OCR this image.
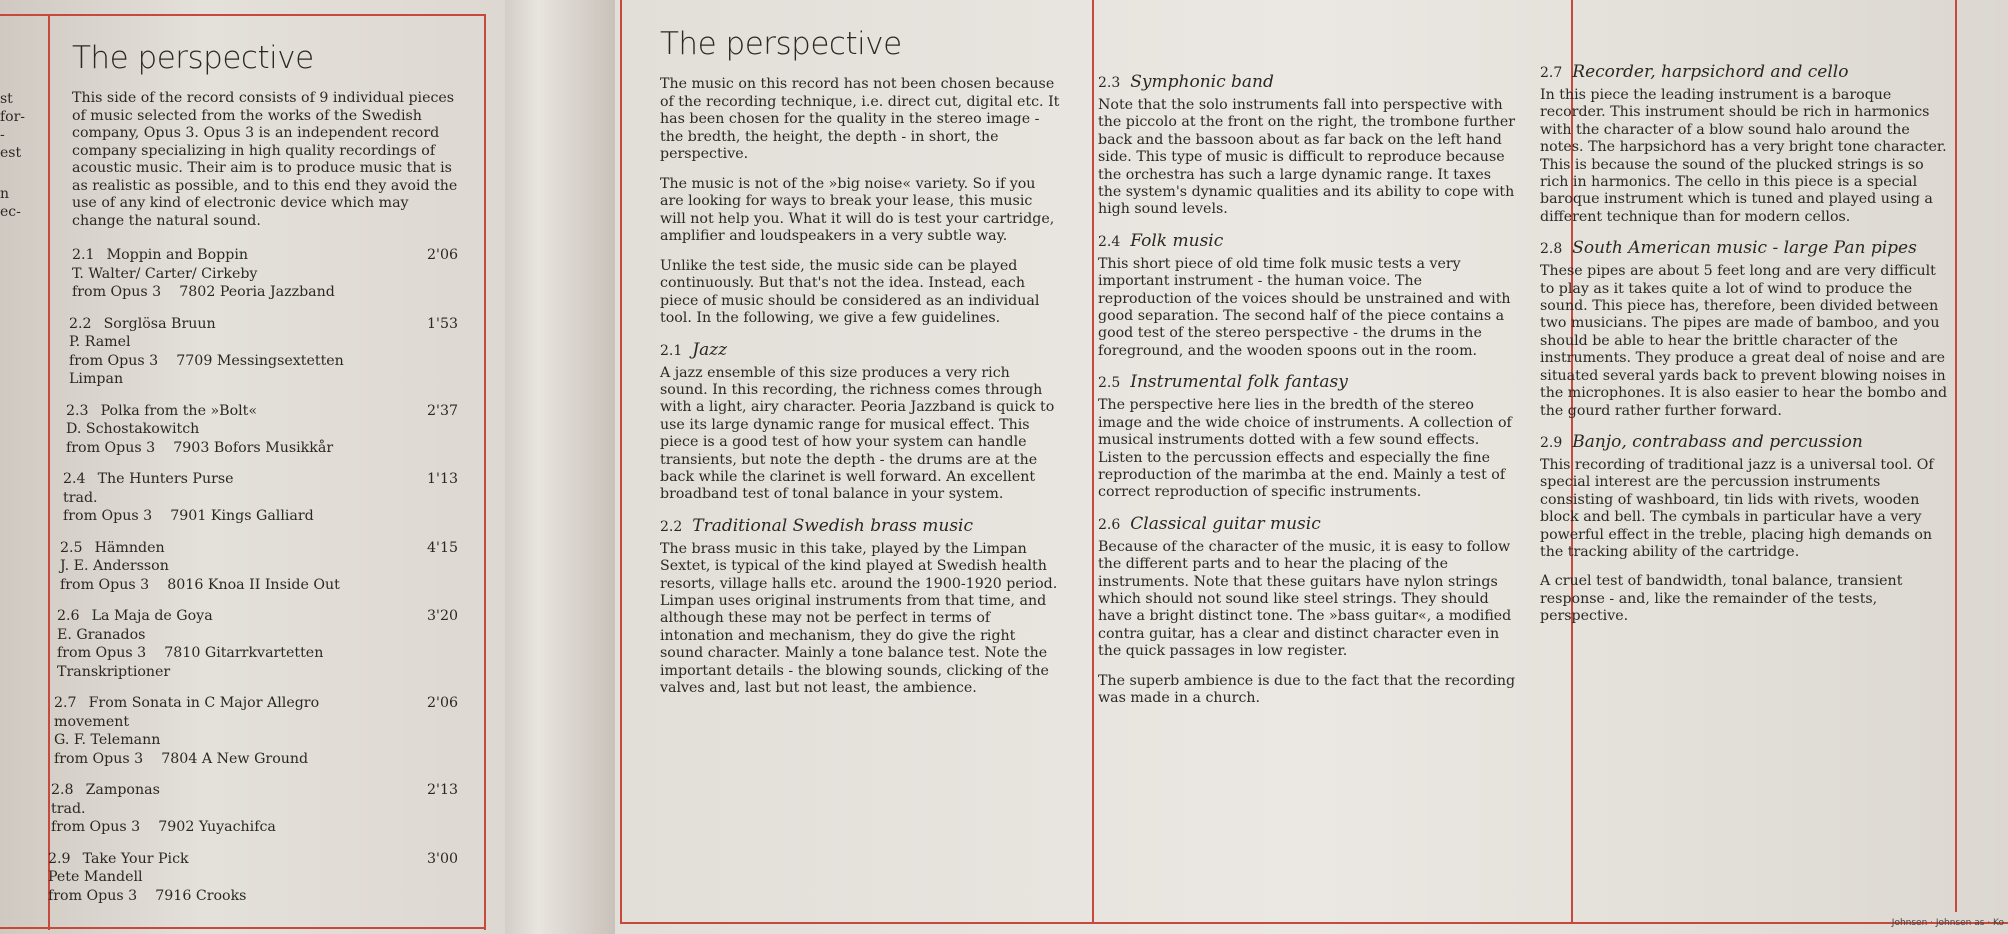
st
for-
-
est
n
ec-
The perspective

This side of the record consists of 9 individual pieces of music selected from the works of the Swedish company, Opus 3. Opus 3 is an independent record company specializing in high quality recordings of acoustic music. Their aim is to produce music that is as realistic as possible, and to this end they avoid the use of any kind of electronic device which may change the natural sound.

2.1 Moppin and Boppin	2'06
T. Walter/ Carter/ Cirkeby
from Opus 3    7802 Peoria Jazzband
2.2 Sorglösa Bruun	1'53
P. Ramel
from Opus 3    7709 Messingsextetten
Limpan
2.3 Polka from the »Bolt«	2'37
D. Schostakowitch
from Opus 3    7903 Bofors Musikkår
2.4 The Hunters Purse	1'13
trad.
from Opus 3    7901 Kings Galliard
2.5 Hämnden	4'15
J. E. Andersson
from Opus 3    8016 Knoa II Inside Out
2.6 La Maja de Goya	3'20
E. Granados
from Opus 3    7810 Gitarrkvartetten
Transkriptioner
2.7 From Sonata in C Major Allegro	2'06
movement
G. F. Telemann
from Opus 3    7804 A New Ground
2.8 Zamponas	2'13
trad.
from Opus 3    7902 Yuyachifca
2.9 Take Your Pick	3'00
Pete Mandell
from Opus 3    7916 Crooks
The perspective

The music on this record has not been chosen because of the recording technique, i.e. direct cut, digital etc. It has been chosen for the quality in the stereo image - the bredth, the height, the depth - in short, the perspective.

The music is not of the »big noise« variety. So if you are looking for ways to break your lease, this music will not help you. What it will do is test your cartridge, amplifier and loudspeakers in a very subtle way.

Unlike the test side, the music side can be played continuously. But that's not the idea. Instead, each piece of music should be considered as an individual tool. In the following, we give a few guidelines.

2.1 Jazz

A jazz ensemble of this size produces a very rich sound. In this recording, the richness comes through with a light, airy character. Peoria Jazzband is quick to use its large dynamic range for musical effect. This piece is a good test of how your system can handle transients, but note the depth - the drums are at the back while the clarinet is well forward. An excellent broadband test of tonal balance in your system.

2.2 Traditional Swedish brass music

The brass music in this take, played by the Limpan Sextet, is typical of the kind played at Swedish health resorts, village halls etc. around the 1900-1920 period. Limpan uses original instruments from that time, and although these may not be perfect in terms of intonation and mechanism, they do give the right sound character. Mainly a tone balance test. Note the important details - the blowing sounds, clicking of the valves and, last but not least, the ambience.

2.3 Symphonic band

Note that the solo instruments fall into perspective with the piccolo at the front on the right, the trombone further back and the bassoon about as far back on the left hand side. This type of music is difficult to reproduce because the orchestra has such a large dynamic range. It taxes the system's dynamic qualities and its ability to cope with high sound levels.

2.4 Folk music

This short piece of old time folk music tests a very important instrument - the human voice. The reproduction of the voices should be unstrained and with good separation. The second half of the piece contains a good test of the stereo perspective - the drums in the foreground, and the wooden spoons out in the room.

2.5 Instrumental folk fantasy

The perspective here lies in the bredth of the stereo image and the wide choice of instruments. A collection of musical instruments dotted with a few sound effects. Listen to the percussion effects and especially the fine reproduction of the marimba at the end. Mainly a test of correct reproduction of specific instruments.

2.6 Classical guitar music

Because of the character of the music, it is easy to follow the different parts and to hear the placing of the instruments. Note that these guitars have nylon strings which should not sound like steel strings. They should have a bright distinct tone. The »bass guitar«, a modified contra guitar, has a clear and distinct character even in the quick passages in low register.

The superb ambience is due to the fact that the recording was made in a church.

2.7 Recorder, harpsichord and cello

In this piece the leading instrument is a baroque recorder. This instrument should be rich in harmonics with the character of a blow sound halo around the notes. The harpsichord has a very bright tone character. This is because the sound of the plucked strings is so rich in harmonics. The cello in this piece is a special baroque instrument which is tuned and played using a different technique than for modern cellos.

2.8 South American music - large Pan pipes

These pipes are about 5 feet long and are very difficult to play as it takes quite a lot of wind to produce the sound. This piece has, therefore, been divided between two musicians. The pipes are made of bamboo, and you should be able to hear the brittle character of the instruments. They produce a great deal of noise and are situated several yards back to prevent blowing noises in the microphones. It is also easier to hear the bombo and the gourd rather further forward.

2.9 Banjo, contrabass and percussion

This recording of traditional jazz is a universal tool. Of special interest are the percussion instruments consisting of washboard, tin lids with rivets, wooden block and bell. The cymbals in particular have a very powerful effect in the treble, placing high demands on the tracking ability of the cartridge.

A cruel test of bandwidth, tonal balance, transient response - and, like the remainder of the tests, perspective.

Johnsen · Johnsen as · Ko
